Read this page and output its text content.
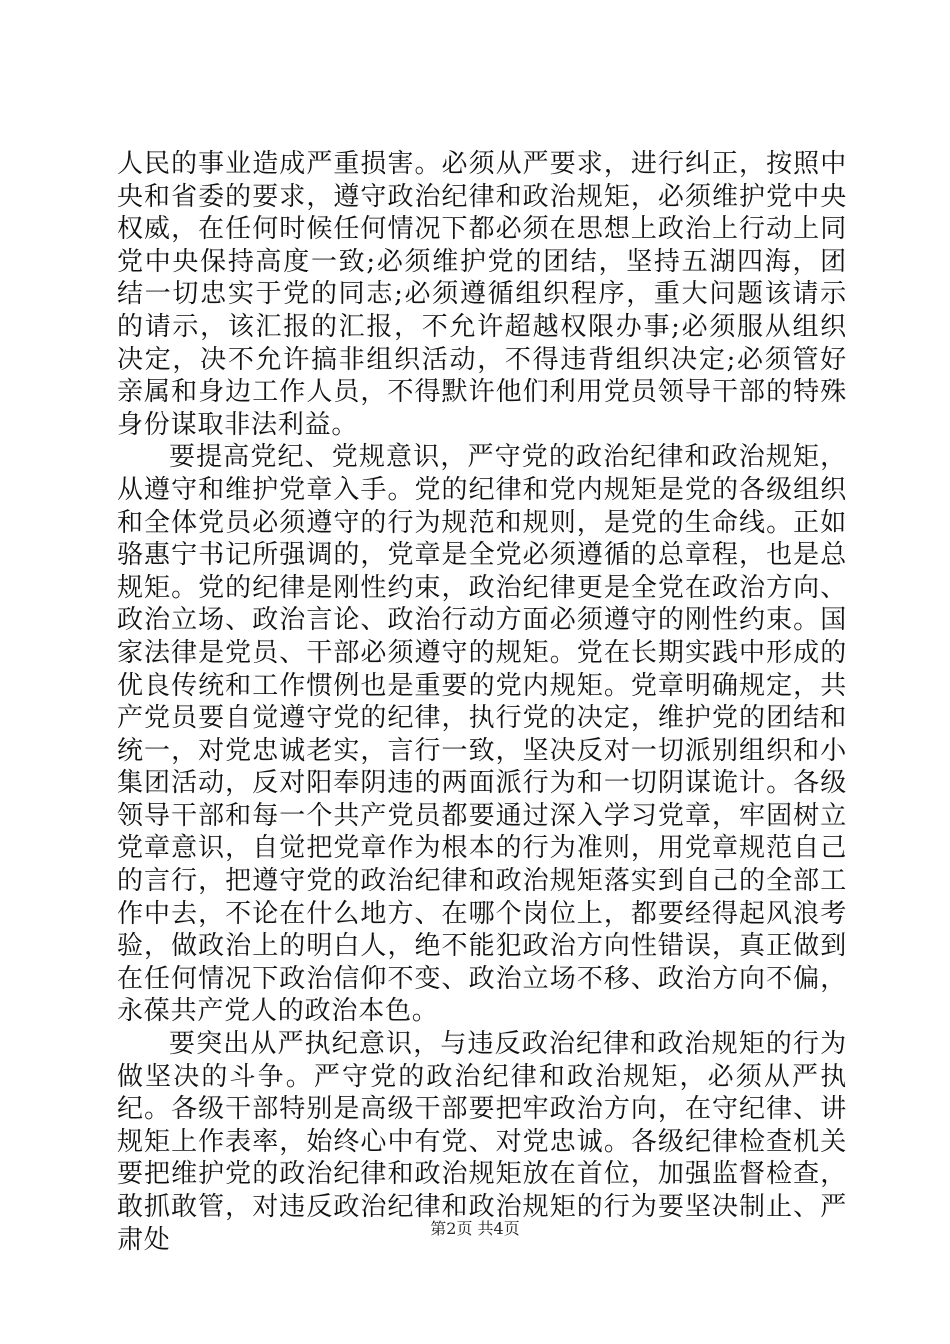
人民的事业造成严重损害。必须从严要求，进行纠正，按照中央和省委的要求，遵守政治纪律和政治规矩，必须维护党中央权威，在任何时候任何情况下都必须在思想上政治上行动上同党中央保持高度一致;必须维护党的团结，坚持五湖四海，团结一切忠实于党的同志;必须遵循组织程序，重大问题该请示的请示，该汇报的汇报，不允许超越权限办事;必须服从组织决定，决不允许搞非组织活动，不得违背组织决定;必须管好亲属和身边工作人员，不得默许他们利用党员领导干部的特殊身份谋取非法利益。

要提高党纪、党规意识，严守党的政治纪律和政治规矩，从遵守和维护党章入手。党的纪律和党内规矩是党的各级组织和全体党员必须遵守的行为规范和规则，是党的生命线。正如骆惠宁书记所强调的，党章是全党必须遵循的总章程，也是总规矩。党的纪律是刚性约束，政治纪律更是全党在政治方向、政治立场、政治言论、政治行动方面必须遵守的刚性约束。国家法律是党员、干部必须遵守的规矩。党在长期实践中形成的优良传统和工作惯例也是重要的党内规矩。党章明确规定，共产党员要自觉遵守党的纪律，执行党的决定，维护党的团结和统一，对党忠诚老实，言行一致，坚决反对一切派别组织和小集团活动，反对阳奉阴违的两面派行为和一切阴谋诡计。各级领导干部和每一个共产党员都要通过深入学习党章，牢固树立党章意识，自觉把党章作为根本的行为准则，用党章规范自己的言行，把遵守党的政治纪律和政治规矩落实到自己的全部工作中去，不论在什么地方、在哪个岗位上，都要经得起风浪考验，做政治上的明白人，绝不能犯政治方向性错误，真正做到在任何情况下政治信仰不变、政治立场不移、政治方向不偏，永葆共产党人的政治本色。

要突出从严执纪意识，与违反政治纪律和政治规矩的行为做坚决的斗争。严守党的政治纪律和政治规矩，必须从严执纪。各级干部特别是高级干部要把牢政治方向，在守纪律、讲规矩上作表率，始终心中有党、对党忠诚。各级纪律检查机关要把维护党的政治纪律和政治规矩放在首位，加强监督检查，敢抓敢管，对违反政治纪律和政治规矩的行为要坚决制止、严肃处	第2页 共4页
